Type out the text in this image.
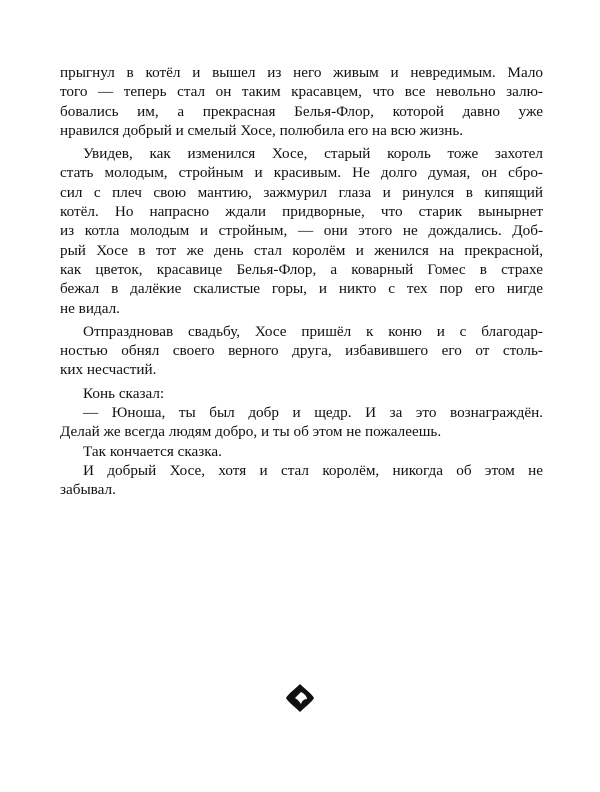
прыгнул в котёл и вышел из него живым и невредимым. Мало
того — теперь стал он таким красавцем, что все невольно залю-
бовались им, а прекрасная Белья-Флор, которой давно уже
нравился добрый и смелый Хосе, полюбила его на всю жизнь.
Увидев, как изменился Хосе, старый король тоже захотел
стать молодым, стройным и красивым. Не долго думая, он сбро-
сил с плеч свою мантию, зажмурил глаза и ринулся в кипящий
котёл. Но напрасно ждали придворные, что старик вынырнет
из котла молодым и стройным, — они этого не дождались. Доб-
рый Хосе в тот же день стал королём и женился на прекрасной,
как цветок, красавице Белья-Флор, а коварный Гомес в страхе
бежал в далёкие скалистые горы, и никто с тех пор его нигде
не видал.
Отпраздновав свадьбу, Хосе пришёл к коню и с благодар-
ностью обнял своего верного друга, избавившего его от столь-
ких несчастий.
Конь сказал:
— Юноша, ты был добр и щедр. И за это вознаграждён.
Делай же всегда людям добро, и ты об этом не пожалеешь.
Так кончается сказка.
И добрый Хосе, хотя и стал королём, никогда об этом не
забывал.
